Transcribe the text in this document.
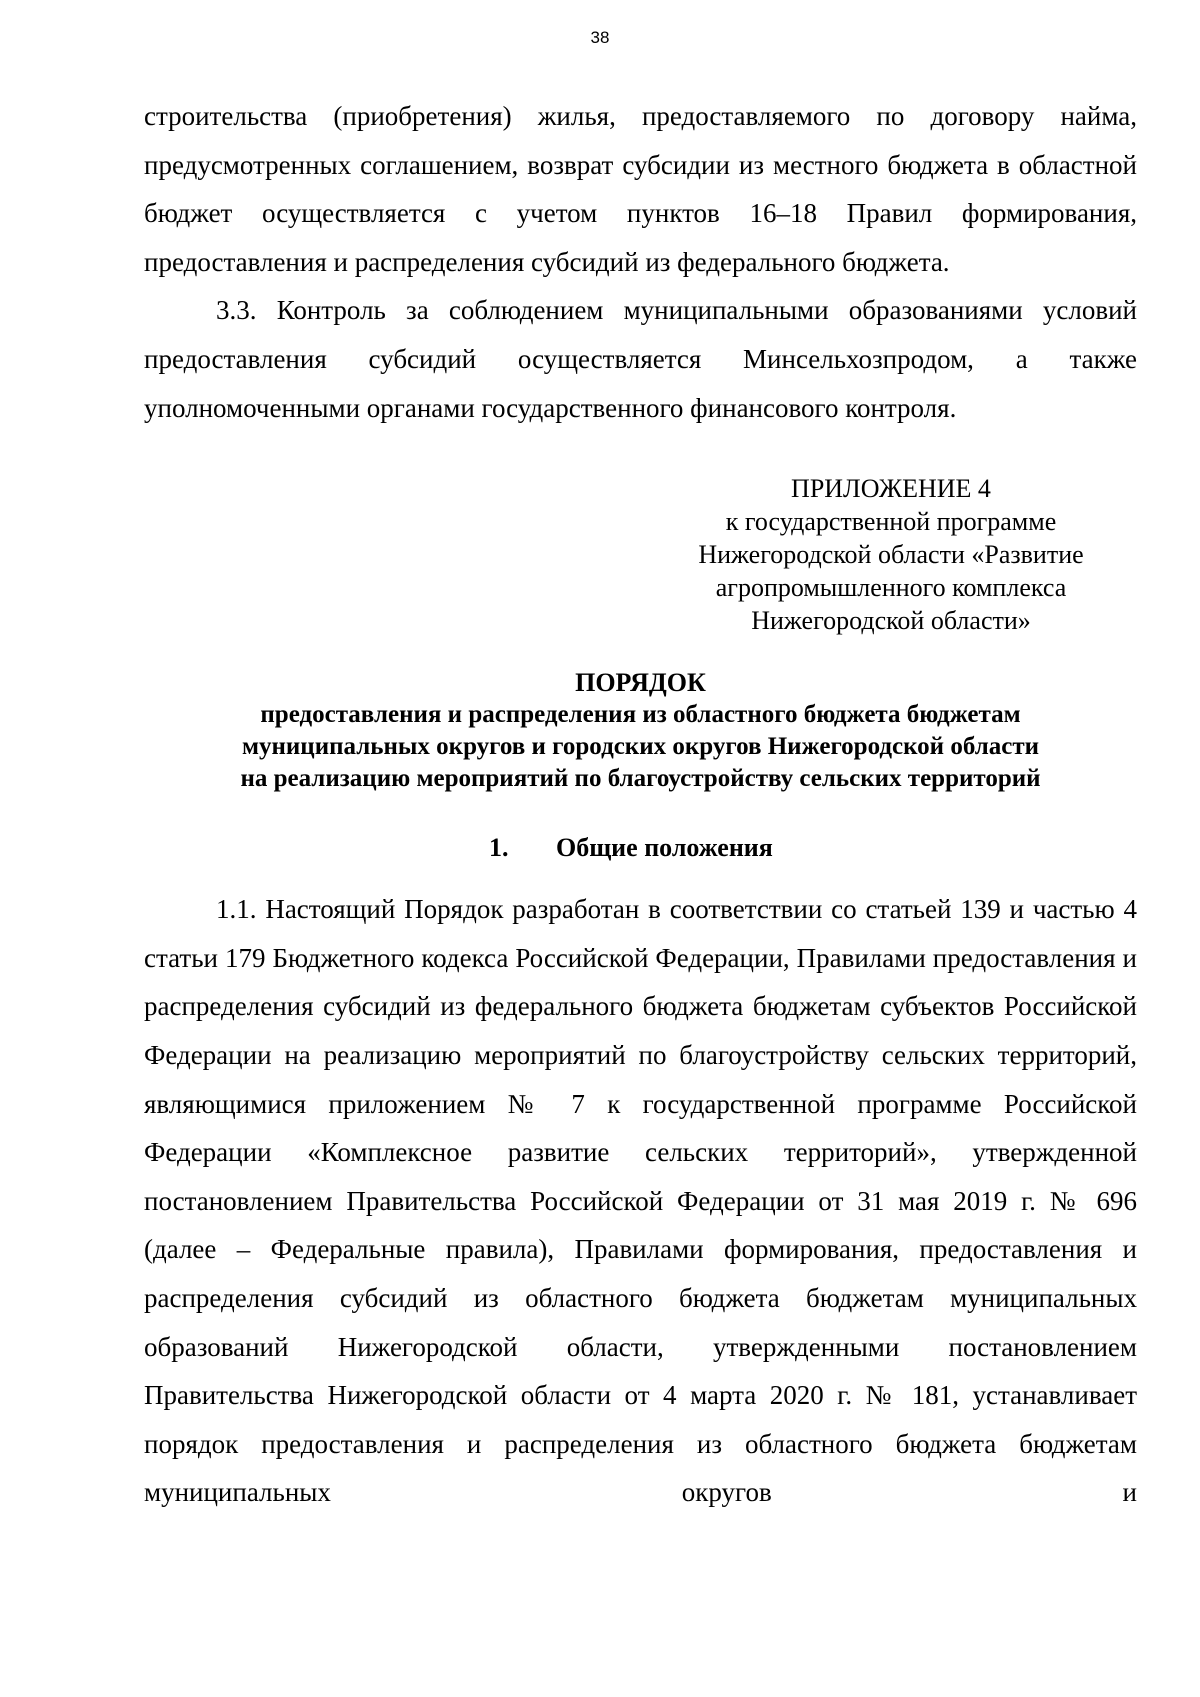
38

строительства (приобретения) жилья, предоставляемого по договору найма, предусмотренных соглашением, возврат субсидии из местного бюджета в областной бюджет осуществляется с учетом пунктов 16–18 Правил формирования, предоставления и распределения субсидий из федерального бюджета.

3.3. Контроль за соблюдением муниципальными образованиями условий предоставления субсидий осуществляется Минсельхозпродом, а также уполномоченными органами государственного финансового контроля.

ПРИЛОЖЕНИЕ 4
к государственной программе
Нижегородской области «Развитие
агропромышленного комплекса
Нижегородской области»
ПОРЯДОК
предоставления и распределения из областного бюджета бюджетам
муниципальных округов и городских округов Нижегородской области
на реализацию мероприятий по благоустройству сельских территорий
1. Общие положения

1.1. Настоящий Порядок разработан в соответствии со статьей 139 и частью 4 статьи 179 Бюджетного кодекса Российской Федерации, Правилами предоставления и распределения субсидий из федерального бюджета бюджетам субъектов Российской Федерации на реализацию мероприятий по благоустройству сельских территорий, являющимися приложением № 7 к государственной программе Российской Федерации «Комплексное развитие сельских территорий», утвержденной постановлением Правительства Российской Федерации от 31 мая 2019 г. № 696 (далее – Федеральные правила), Правилами формирования, предоставления и распределения субсидий из областного бюджета бюджетам муниципальных образований Нижегородской области, утвержденными постановлением Правительства Нижегородской области от 4 марта 2020 г. № 181, устанавливает порядок предоставления и распределения из областного бюджета бюджетам муниципальных округов и
